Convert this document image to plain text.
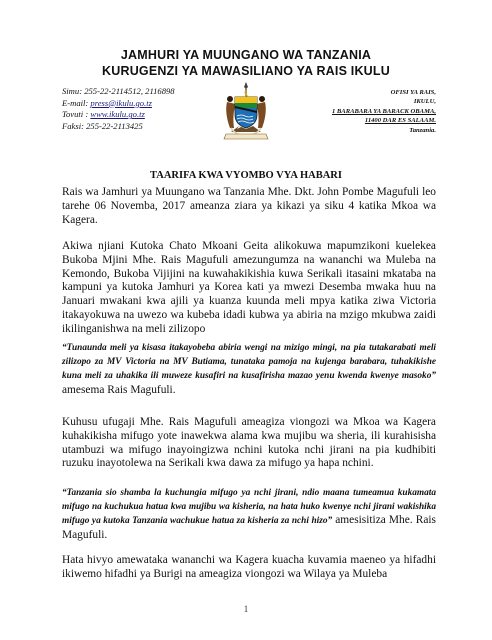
JAMHURI YA MUUNGANO WA TANZANIA
KURUGENZI YA MAWASILIANO YA RAIS IKULU
Simu: 255-22-2114512, 2116898
E-mail: press@ikulu.go.tz
Tovuti : www.ikulu.go.tz
Faksi: 255-22-2113425
OFISI YA RAIS,
IKULU,
1 BARABARA YA BARACK OBAMA,
11400 DAR ES SALAAM.
Tanzania.
TAARIFA KWA VYOMBO VYA HABARI
Rais wa Jamhuri ya Muungano wa Tanzania Mhe. Dkt. John Pombe Magufuli leo tarehe 06 Novemba, 2017 ameanza ziara ya kikazi ya siku 4 katika Mkoa wa Kagera.
Akiwa njiani Kutoka Chato Mkoani Geita alikokuwa mapumzikoni kuelekea Bukoba Mjini Mhe. Rais Magufuli amezungumza na wananchi wa Muleba na Kemondo, Bukoba Vijijini na kuwahakikishia kuwa Serikali itasaini mkataba na kampuni ya kutoka Jamhuri ya Korea kati ya mwezi Desemba mwaka huu na Januari mwakani kwa ajili ya kuanza kuunda meli mpya katika ziwa Victoria itakayokuwa na uwezo wa kubeba idadi kubwa ya abiria na mzigo mkubwa zaidi ikilinganishwa na meli zilizopo
“Tunaunda meli ya kisasa itakayobeba abiria wengi na mizigo mingi, na pia tutakarabati meli zilizopo za MV Victoria na MV Butiama, tunataka pamoja na kujenga barabara, tuhakikishe kuna meli za uhakika ili muweze kusafiri na kusafirisha mazao yenu kwenda kwenye masoko” amesema Rais Magufuli.
Kuhusu ufugaji Mhe. Rais Magufuli ameagiza viongozi wa Mkoa wa Kagera kuhakikisha mifugo yote inawekwa alama kwa mujibu wa sheria, ili kurahisisha utambuzi wa mifugo inayoingizwa nchini kutoka nchi jirani na pia kudhibiti ruzuku inayotolewa na Serikali kwa dawa za mifugo ya hapa nchini.
“Tanzania sio shamba la kuchungia mifugo ya nchi jirani, ndio maana tumeamua kukamata mifugo na kuchukua hatua kwa mujibu wa kisheria, na hata huko kwenye nchi jirani wakishika mifugo ya kutoka Tanzania wachukue hatua za kisheria za nchi hizo” amesisitiza Mhe. Rais Magufuli.
Hata hivyo amewataka wananchi wa Kagera kuacha kuvamia maeneo ya hifadhi ikiwemo hifadhi ya Burigi na ameagiza viongozi wa Wilaya ya Muleba
1
